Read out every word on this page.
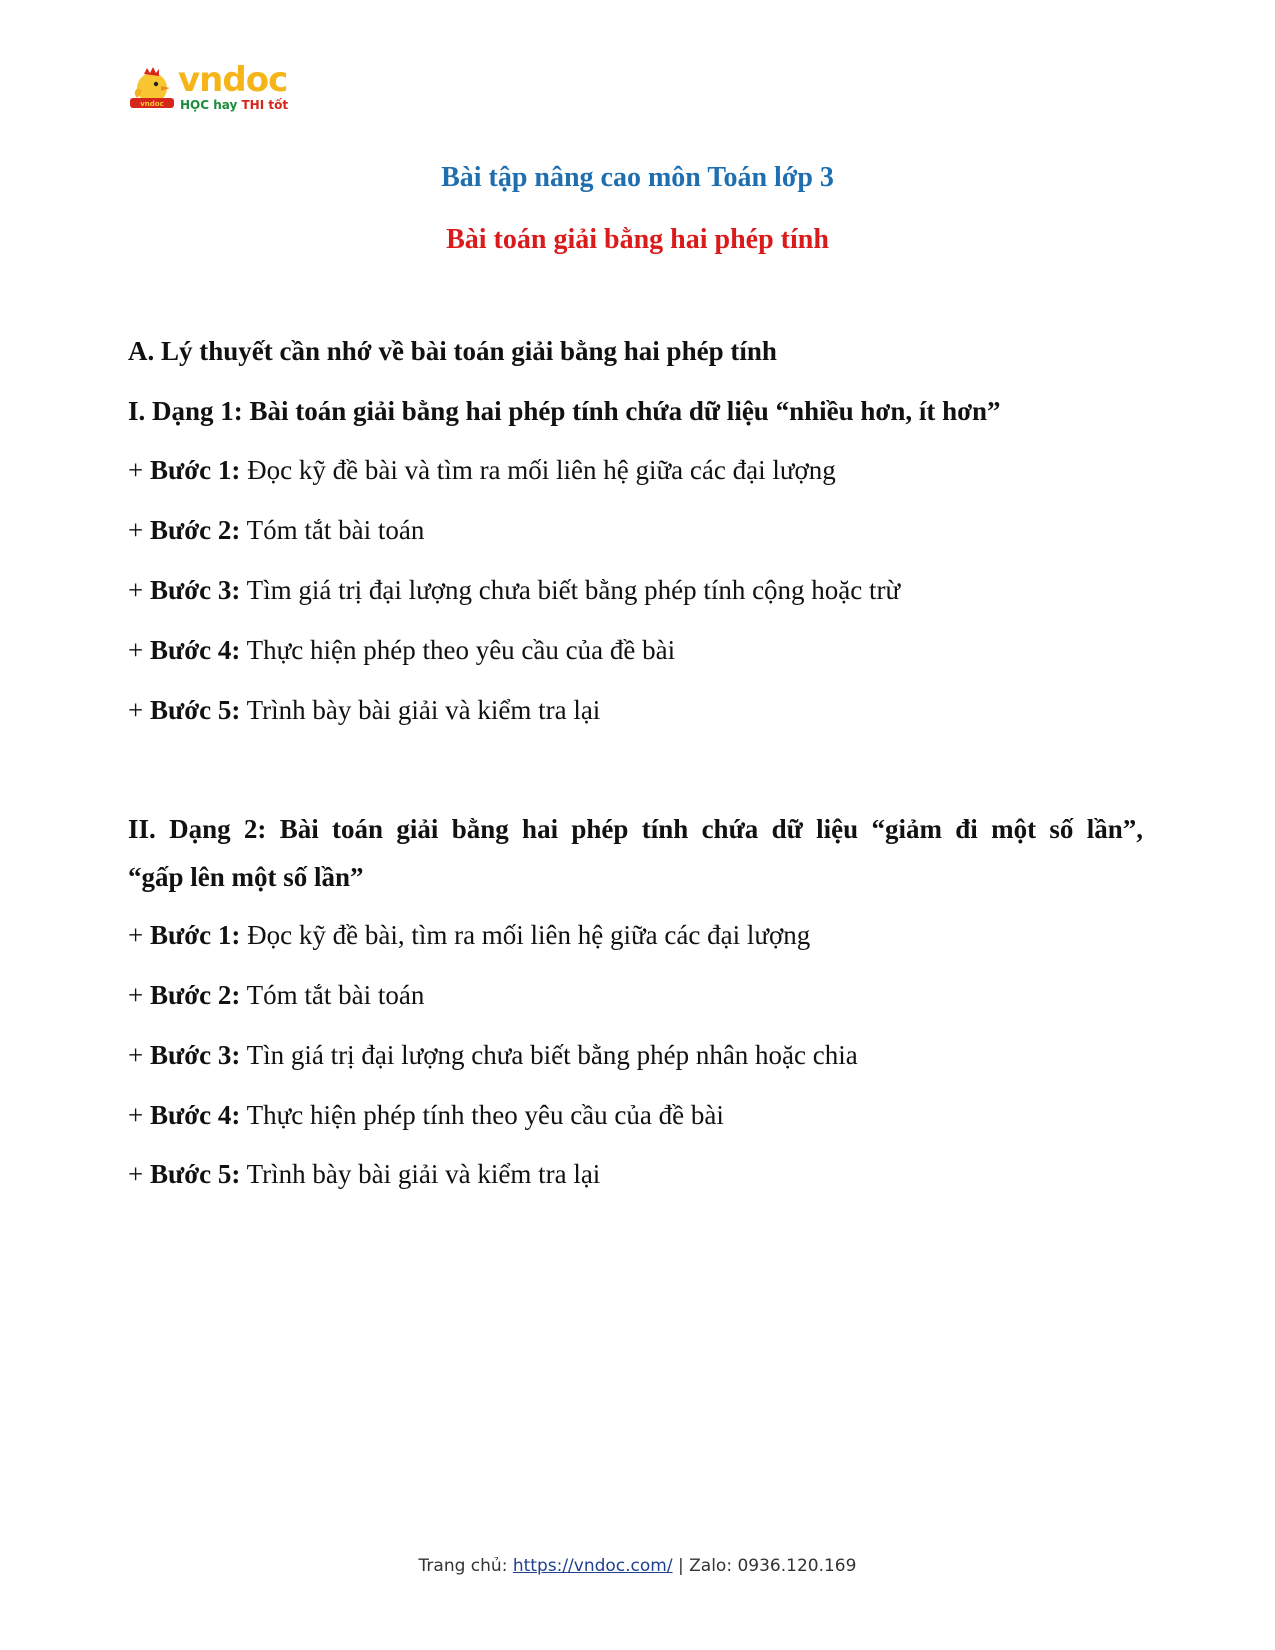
vndoc
vndoc
HỌC hay THI tốt
Bài tập nâng cao môn Toán lớp 3
Bài toán giải bằng hai phép tính
A. Lý thuyết cần nhớ về bài toán giải bằng hai phép tính
I. Dạng 1: Bài toán giải bằng hai phép tính chứa dữ liệu “nhiều hơn, ít hơn”
+ Bước 1: Đọc kỹ đề bài và tìm ra mối liên hệ giữa các đại lượng
+ Bước 2: Tóm tắt bài toán
+ Bước 3: Tìm giá trị đại lượng chưa biết bằng phép tính cộng hoặc trừ
+ Bước 4: Thực hiện phép theo yêu cầu của đề bài
+ Bước 5: Trình bày bài giải và kiểm tra lại
II. Dạng 2: Bài toán giải bằng hai phép tính chứa dữ liệu “giảm đi một số lần”,
“gấp lên một số lần”
+ Bước 1: Đọc kỹ đề bài, tìm ra mối liên hệ giữa các đại lượng
+ Bước 2: Tóm tắt bài toán
+ Bước 3: Tìn giá trị đại lượng chưa biết bằng phép nhân hoặc chia
+ Bước 4: Thực hiện phép tính theo yêu cầu của đề bài
+ Bước 5: Trình bày bài giải và kiểm tra lại
Trang chủ: https://vndoc.com/ | Zalo: 0936.120.169
